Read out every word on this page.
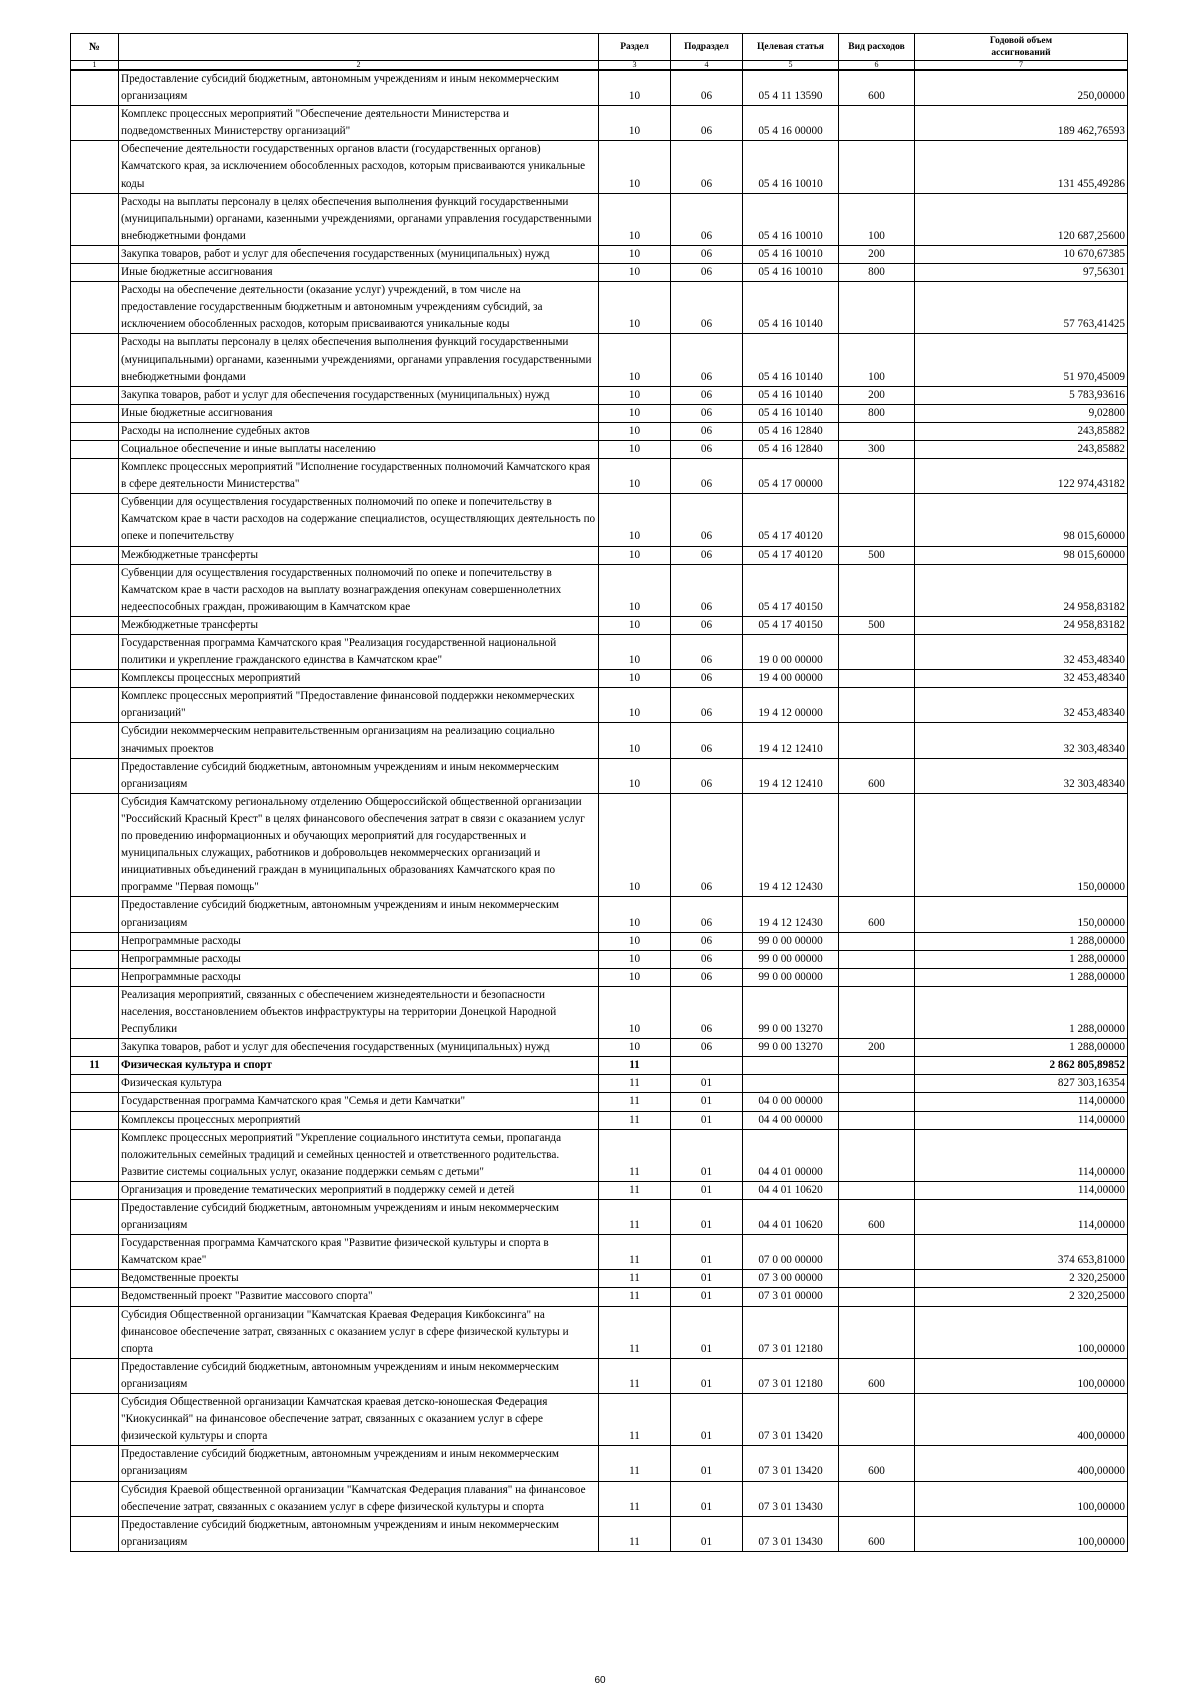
№		Раздел	Подраздел	Целевая статья	Вид расходов	Годовой объем ассигнований
1	2	3	4	5	6	7
	Предоставление субсидий бюджетным, автономным учреждениям и иным некоммерческим организациям	10	06	05 4 11 13590	600	250,00000
	Комплекс процессных мероприятий "Обеспечение деятельности Министерства и подведомственных Министерству организаций"	10	06	05 4 16 00000		189 462,76593
	Обеспечение деятельности государственных органов власти (государственных органов) Камчатского края, за исключением обособленных расходов, которым присваиваются уникальные коды	10	06	05 4 16 10010		131 455,49286
	Расходы на выплаты персоналу в целях обеспечения выполнения функций государственными (муниципальными) органами, казенными учреждениями, органами управления государственными внебюджетными фондами	10	06	05 4 16 10010	100	120 687,25600
	Закупка товаров, работ и услуг для обеспечения государственных (муниципальных) нужд	10	06	05 4 16 10010	200	10 670,67385
	Иные бюджетные ассигнования	10	06	05 4 16 10010	800	97,56301
	Расходы на обеспечение деятельности (оказание услуг) учреждений, в том числе на предоставление государственным бюджетным и автономным учреждениям субсидий, за исключением обособленных расходов, которым присваиваются уникальные коды	10	06	05 4 16 10140		57 763,41425
	Расходы на выплаты персоналу в целях обеспечения выполнения функций государственными (муниципальными) органами, казенными учреждениями, органами управления государственными внебюджетными фондами	10	06	05 4 16 10140	100	51 970,45009
	Закупка товаров, работ и услуг для обеспечения государственных (муниципальных) нужд	10	06	05 4 16 10140	200	5 783,93616
	Иные бюджетные ассигнования	10	06	05 4 16 10140	800	9,02800
	Расходы на исполнение судебных актов	10	06	05 4 16 12840		243,85882
	Социальное обеспечение и иные выплаты населению	10	06	05 4 16 12840	300	243,85882
	Комплекс процессных мероприятий "Исполнение государственных полномочий Камчатского края в сфере деятельности Министерства"	10	06	05 4 17 00000		122 974,43182
	Субвенции для осуществления государственных полномочий по опеке и попечительству в Камчатском крае в части расходов на содержание специалистов, осуществляющих деятельность по опеке и попечительству	10	06	05 4 17 40120		98 015,60000
	Межбюджетные трансферты	10	06	05 4 17 40120	500	98 015,60000
	Субвенции для осуществления государственных полномочий по опеке и попечительству в Камчатском крае в части расходов на выплату вознаграждения опекунам совершеннолетних недееспособных граждан, проживающим в Камчатском крае	10	06	05 4 17 40150		24 958,83182
	Межбюджетные трансферты	10	06	05 4 17 40150	500	24 958,83182
	Государственная программа Камчатского края "Реализация государственной национальной политики и укрепление гражданского единства в Камчатском крае"	10	06	19 0 00 00000		32 453,48340
	Комплексы процессных мероприятий	10	06	19 4 00 00000		32 453,48340
	Комплекс процессных мероприятий "Предоставление финансовой поддержки некоммерческих организаций"	10	06	19 4 12 00000		32 453,48340
	Субсидии некоммерческим неправительственным организациям на реализацию социально значимых проектов	10	06	19 4 12 12410		32 303,48340
	Предоставление субсидий бюджетным, автономным учреждениям и иным некоммерческим организациям	10	06	19 4 12 12410	600	32 303,48340
	Субсидия Камчатскому региональному отделению Общероссийской общественной организации "Российский Красный Крест" в целях финансового обеспечения затрат в связи с оказанием услуг по проведению информационных и обучающих мероприятий для государственных и муниципальных служащих, работников и добровольцев некоммерческих организаций и инициативных объединений граждан в муниципальных образованиях Камчатского края по программе "Первая помощь"	10	06	19 4 12 12430		150,00000
	Предоставление субсидий бюджетным, автономным учреждениям и иным некоммерческим организациям	10	06	19 4 12 12430	600	150,00000
	Непрограммные расходы	10	06	99 0 00 00000		1 288,00000
	Непрограммные расходы	10	06	99 0 00 00000		1 288,00000
	Непрограммные расходы	10	06	99 0 00 00000		1 288,00000
	Реализация мероприятий, связанных с обеспечением жизнедеятельности и безопасности населения, восстановлением объектов инфраструктуры на территории Донецкой Народной Республики	10	06	99 0 00 13270		1 288,00000
	Закупка товаров, работ и услуг для обеспечения государственных (муниципальных) нужд	10	06	99 0 00 13270	200	1 288,00000
11	Физическая культура и спорт	11				2 862 805,89852
	Физическая культура	11	01			827 303,16354
	Государственная программа Камчатского края "Семья и дети Камчатки"	11	01	04 0 00 00000		114,00000
	Комплексы процессных мероприятий	11	01	04 4 00 00000		114,00000
	Комплекс процессных мероприятий "Укрепление социального института семьи, пропаганда положительных семейных традиций и семейных ценностей и ответственного родительства. Развитие системы социальных услуг, оказание поддержки семьям с детьми"	11	01	04 4 01 00000		114,00000
	Организация и проведение тематических мероприятий в поддержку семей и детей	11	01	04 4 01 10620		114,00000
	Предоставление субсидий бюджетным, автономным учреждениям и иным некоммерческим организациям	11	01	04 4 01 10620	600	114,00000
	Государственная программа Камчатского края "Развитие физической культуры и спорта в Камчатском крае"	11	01	07 0 00 00000		374 653,81000
	Ведомственные проекты	11	01	07 3 00 00000		2 320,25000
	Ведомственный проект "Развитие массового спорта"	11	01	07 3 01 00000		2 320,25000
	Субсидия Общественной организации "Камчатская Краевая Федерация Кикбоксинга" на финансовое обеспечение затрат, связанных с оказанием услуг в сфере физической культуры и спорта	11	01	07 3 01 12180		100,00000
	Предоставление субсидий бюджетным, автономным учреждениям и иным некоммерческим организациям	11	01	07 3 01 12180	600	100,00000
	Субсидия Общественной организации Камчатская краевая детско-юношеская Федерация "Киокусинкай" на финансовое обеспечение затрат, связанных с оказанием услуг в сфере физической культуры и спорта	11	01	07 3 01 13420		400,00000
	Предоставление субсидий бюджетным, автономным учреждениям и иным некоммерческим организациям	11	01	07 3 01 13420	600	400,00000
	Субсидия Краевой общественной организации "Камчатская Федерация плавания" на финансовое обеспечение затрат, связанных с оказанием услуг в сфере физической культуры и спорта	11	01	07 3 01 13430		100,00000
	Предоставление субсидий бюджетным, автономным учреждениям и иным некоммерческим организациям	11	01	07 3 01 13430	600	100,00000
60
